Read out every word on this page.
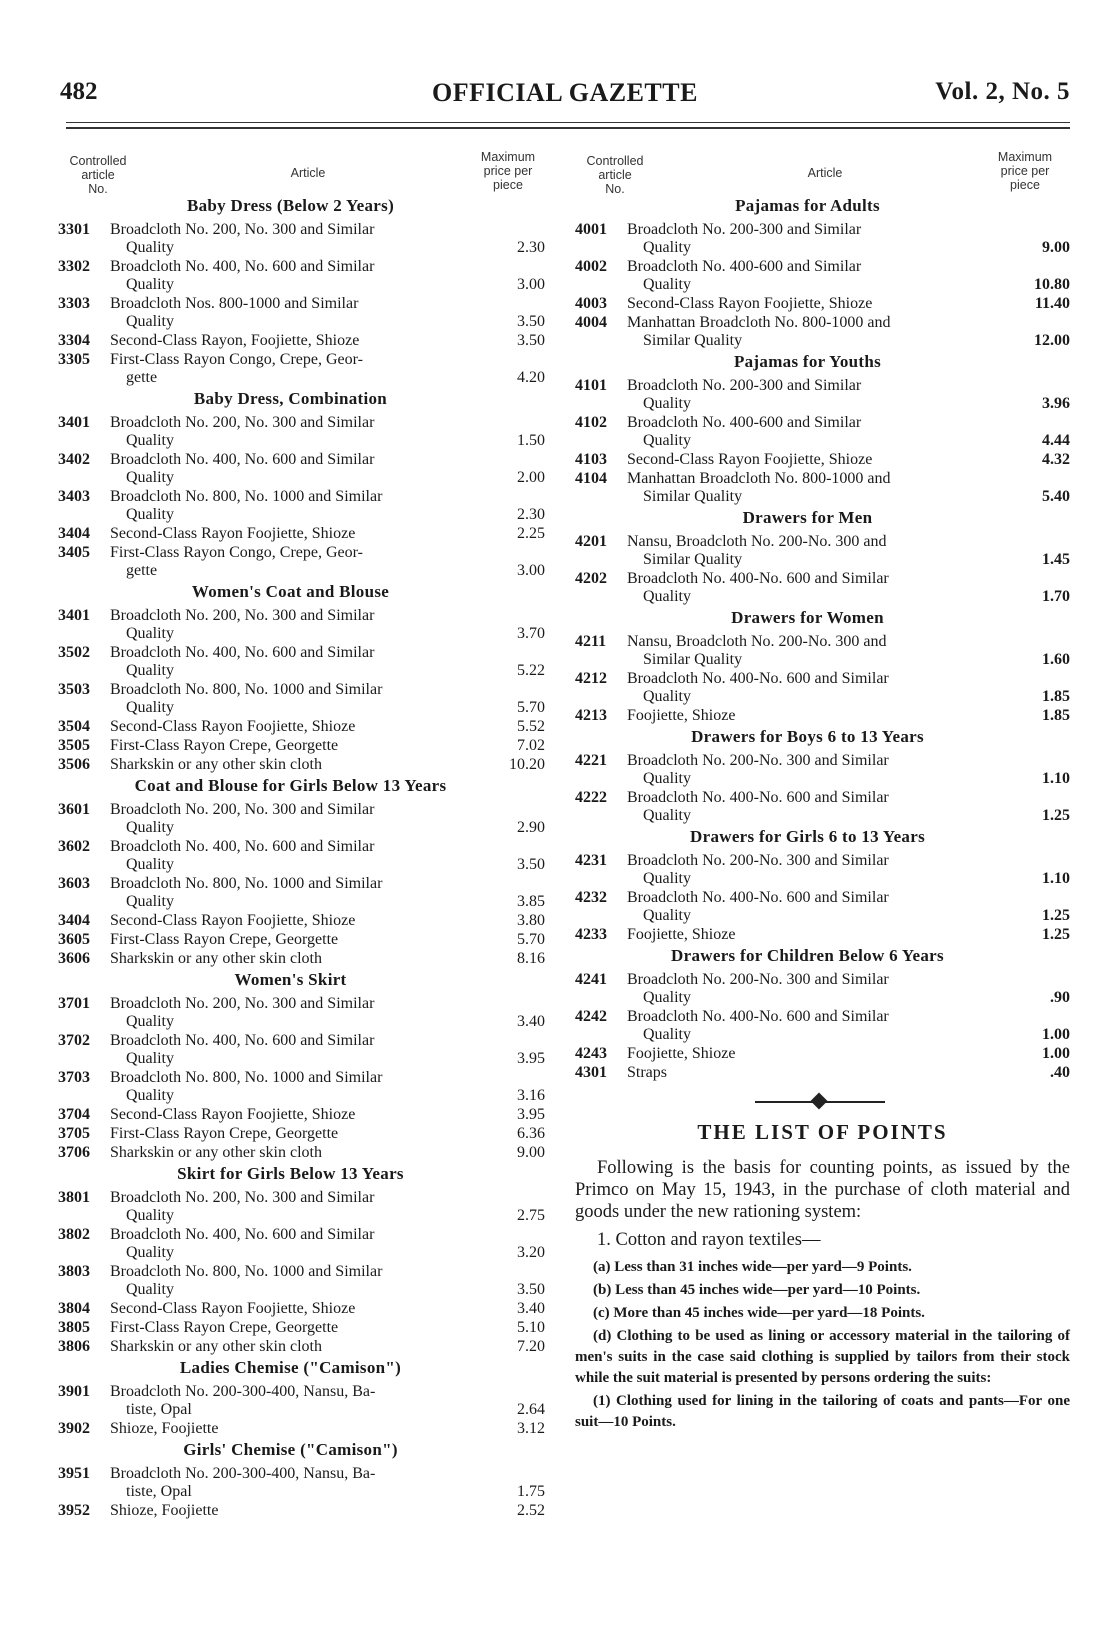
482	OFFICIAL GAZETTE	Vol. 2, No. 5
Controlled
article
No.
Article
Maximum
price per
piece
Baby Dress (Below 2 Years)
3301	Broadcloth No. 200, No. 300 and Similar
Quality	2.30
3302	Broadcloth No. 400, No. 600 and Similar
Quality	3.00
3303	Broadcloth Nos. 800-1000 and Similar
Quality	3.50
3304	Second-Class Rayon, Foojiette, Shioze	3.50
3305	First-Class Rayon Congo, Crepe, Geor-
gette	4.20
Baby Dress, Combination
3401	Broadcloth No. 200, No. 300 and Similar
Quality	1.50
3402	Broadcloth No. 400, No. 600 and Similar
Quality	2.00
3403	Broadcloth No. 800, No. 1000 and Similar
Quality	2.30
3404	Second-Class Rayon Foojiette, Shioze	2.25
3405	First-Class Rayon Congo, Crepe, Geor-
gette	3.00
Women's Coat and Blouse
3401	Broadcloth No. 200, No. 300 and Similar
Quality	3.70
3502	Broadcloth No. 400, No. 600 and Similar
Quality	5.22
3503	Broadcloth No. 800, No. 1000 and Similar
Quality	5.70
3504	Second-Class Rayon Foojiette, Shioze	5.52
3505	First-Class Rayon Crepe, Georgette	7.02
3506	Sharkskin or any other skin cloth	10.20
Coat and Blouse for Girls Below 13 Years
3601	Broadcloth No. 200, No. 300 and Similar
Quality	2.90
3602	Broadcloth No. 400, No. 600 and Similar
Quality	3.50
3603	Broadcloth No. 800, No. 1000 and Similar
Quality	3.85
3404	Second-Class Rayon Foojiette, Shioze	3.80
3605	First-Class Rayon Crepe, Georgette	5.70
3606	Sharkskin or any other skin cloth	8.16
Women's Skirt
3701	Broadcloth No. 200, No. 300 and Similar
Quality	3.40
3702	Broadcloth No. 400, No. 600 and Similar
Quality	3.95
3703	Broadcloth No. 800, No. 1000 and Similar
Quality	3.16
3704	Second-Class Rayon Foojiette, Shioze	3.95
3705	First-Class Rayon Crepe, Georgette	6.36
3706	Sharkskin or any other skin cloth	9.00
Skirt for Girls Below 13 Years
3801	Broadcloth No. 200, No. 300 and Similar
Quality	2.75
3802	Broadcloth No. 400, No. 600 and Similar
Quality	3.20
3803	Broadcloth No. 800, No. 1000 and Similar
Quality	3.50
3804	Second-Class Rayon Foojiette, Shioze	3.40
3805	First-Class Rayon Crepe, Georgette	5.10
3806	Sharkskin or any other skin cloth	7.20
Ladies Chemise ("Camison")
3901	Broadcloth No. 200-300-400, Nansu, Ba-
tiste, Opal	2.64
3902	Shioze, Foojiette	3.12
Girls' Chemise ("Camison")
3951	Broadcloth No. 200-300-400, Nansu, Ba-
tiste, Opal	1.75
3952	Shioze, Foojiette	2.52
Controlled
article
No.
Article
Maximum
price per
piece
Pajamas for Adults
4001	Broadcloth No. 200-300 and Similar
Quality	9.00
4002	Broadcloth No. 400-600 and Similar
Quality	10.80
4003	Second-Class Rayon Foojiette, Shioze	11.40
4004	Manhattan Broadcloth No. 800-1000 and
Similar Quality	12.00
Pajamas for Youths
4101	Broadcloth No. 200-300 and Similar
Quality	3.96
4102	Broadcloth No. 400-600 and Similar
Quality	4.44
4103	Second-Class Rayon Foojiette, Shioze	4.32
4104	Manhattan Broadcloth No. 800-1000 and
Similar Quality	5.40
Drawers for Men
4201	Nansu, Broadcloth No. 200-No. 300 and
Similar Quality	1.45
4202	Broadcloth No. 400-No. 600 and Similar
Quality	1.70
Drawers for Women
4211	Nansu, Broadcloth No. 200-No. 300 and
Similar Quality	1.60
4212	Broadcloth No. 400-No. 600 and Similar
Quality	1.85
4213	Foojiette, Shioze	1.85
Drawers for Boys 6 to 13 Years
4221	Broadcloth No. 200-No. 300 and Similar
Quality	1.10
4222	Broadcloth No. 400-No. 600 and Similar
Quality	1.25
Drawers for Girls 6 to 13 Years
4231	Broadcloth No. 200-No. 300 and Similar
Quality	1.10
4232	Broadcloth No. 400-No. 600 and Similar
Quality	1.25
4233	Foojiette, Shioze	1.25
Drawers for Children Below 6 Years
4241	Broadcloth No. 200-No. 300 and Similar
Quality	.90
4242	Broadcloth No. 400-No. 600 and Similar
Quality	1.00
4243	Foojiette, Shioze	1.00
4301	Straps	.40
THE LIST OF POINTS

Following is the basis for counting points, as issued by the Primco on May 15, 1943, in the purchase of cloth material and goods under the new rationing system:

1. Cotton and rayon textiles—

(a) Less than 31 inches wide—per yard—9 Points.

(b) Less than 45 inches wide—per yard—10 Points.

(c) More than 45 inches wide—per yard—18 Points.

(d) Clothing to be used as lining or accessory material in the tailoring of men's suits in the case said clothing is supplied by tailors from their stock while the suit material is presented by persons ordering the suits:

(1) Clothing used for lining in the tailoring of coats and pants—For one suit—10 Points.
